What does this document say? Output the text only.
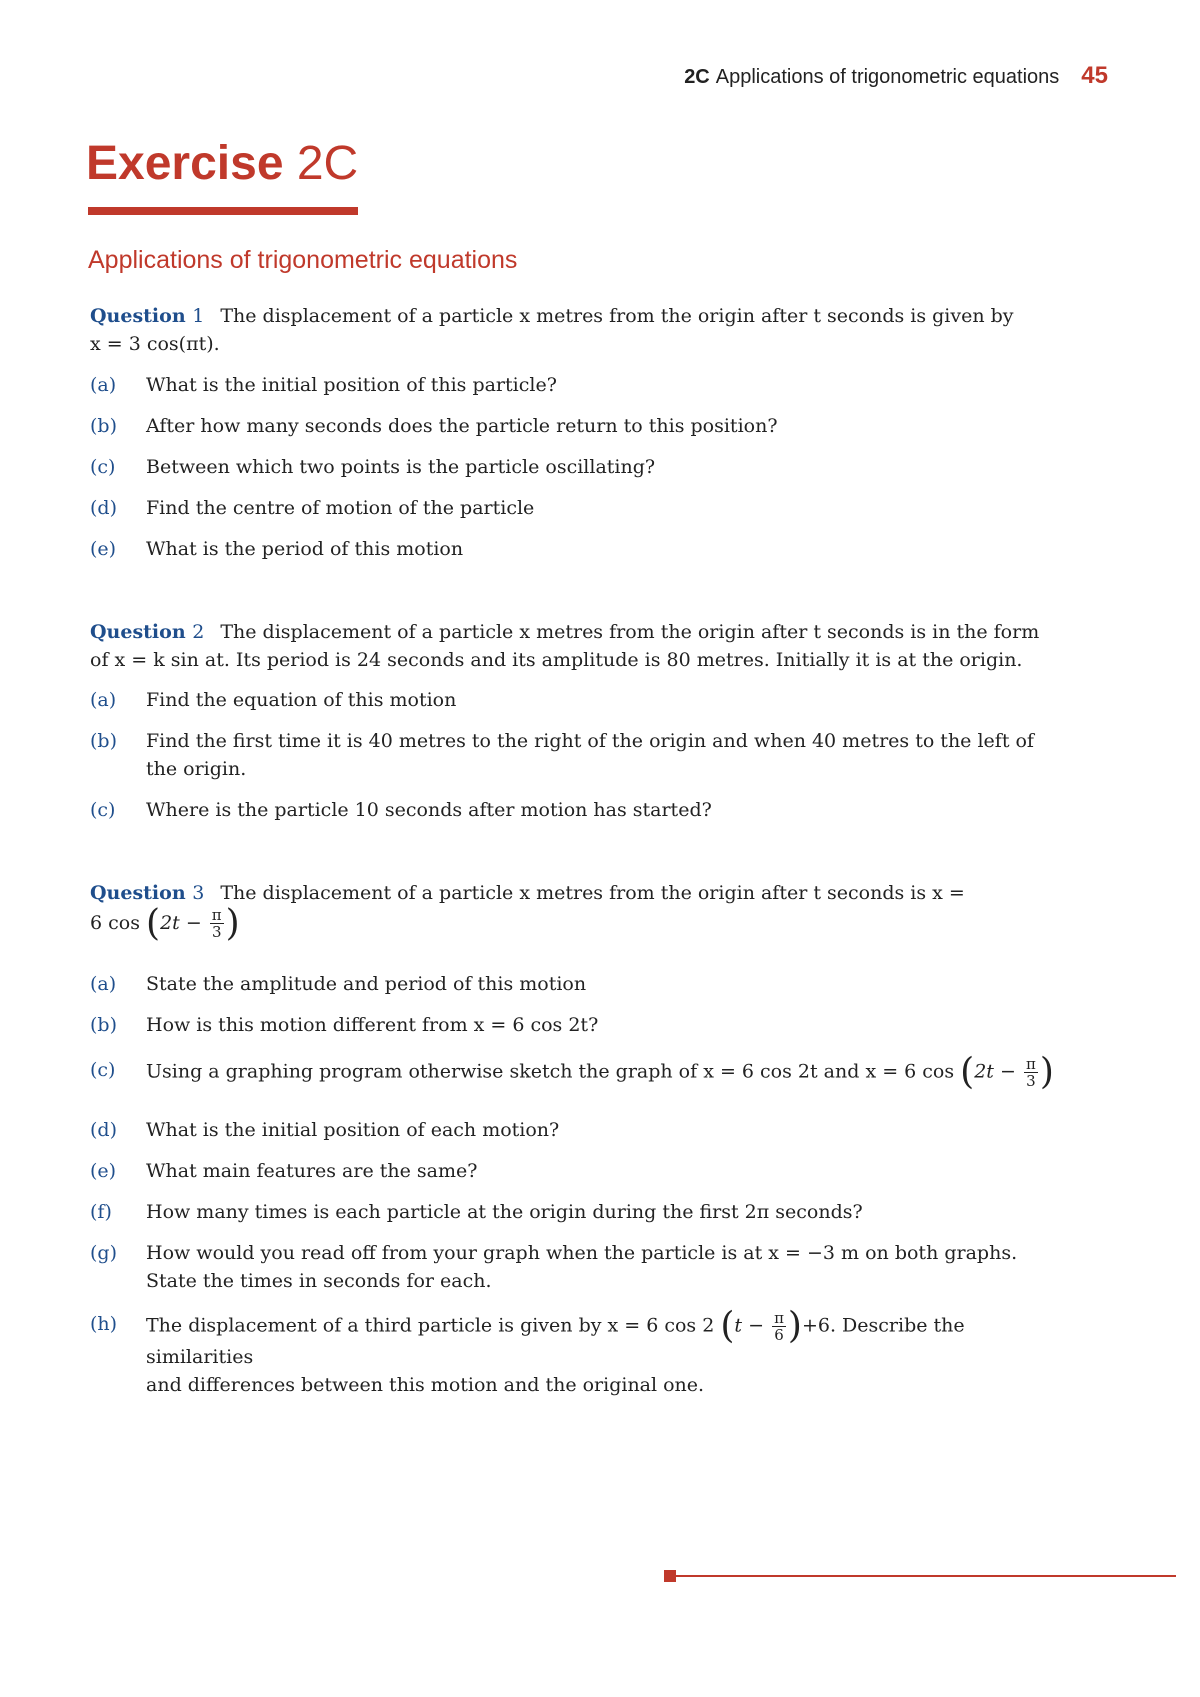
2C Applications of trigonometric equations 45
Exercise 2C
Applications of trigonometric equations
Question 1 The displacement of a particle x metres from the origin after t seconds is given by
x = 3 cos(πt).
(a)	What is the initial position of this particle?
(b)	After how many seconds does the particle return to this position?
(c)	Between which two points is the particle oscillating?
(d)	Find the centre of motion of the particle
(e)	What is the period of this motion
Question 2 The displacement of a particle x metres from the origin after t seconds is in the form
of x = k sin at. Its period is 24 seconds and its amplitude is 80 metres. Initially it is at the origin.
(a)	Find the equation of this motion
(b)	Find the first time it is 40 metres to the right of the origin and when 40 metres to the left of the origin.
(c)	Where is the particle 10 seconds after motion has started?
Question 3 The displacement of a particle x metres from the origin after t seconds is x =
6 $\cos (2t - \frac{\pi}{3}$ )
(a)	State the amplitude and period of this motion
(b)	How is this motion different from x = 6 cos 2t?
(c)	Using a graphing program otherwise sketch the graph of x = 6 cos 2t and x = 6 $\cos (2t - \frac{\pi}{3}$ )
(d)	What is the initial position of each motion?
(e)	What main features are the same?
(f)	How many times is each particle at the origin during the first 2π seconds?
(g)	How would you read off from your graph when the particle is at x = −3 m on both graphs. State the times in seconds for each.
(h)	The displacement of a third particle is given by x = 6 cos 2 $(t - \frac{\pi}{6} )+6$. Describe the similarities
and differences between this motion and the original one.
